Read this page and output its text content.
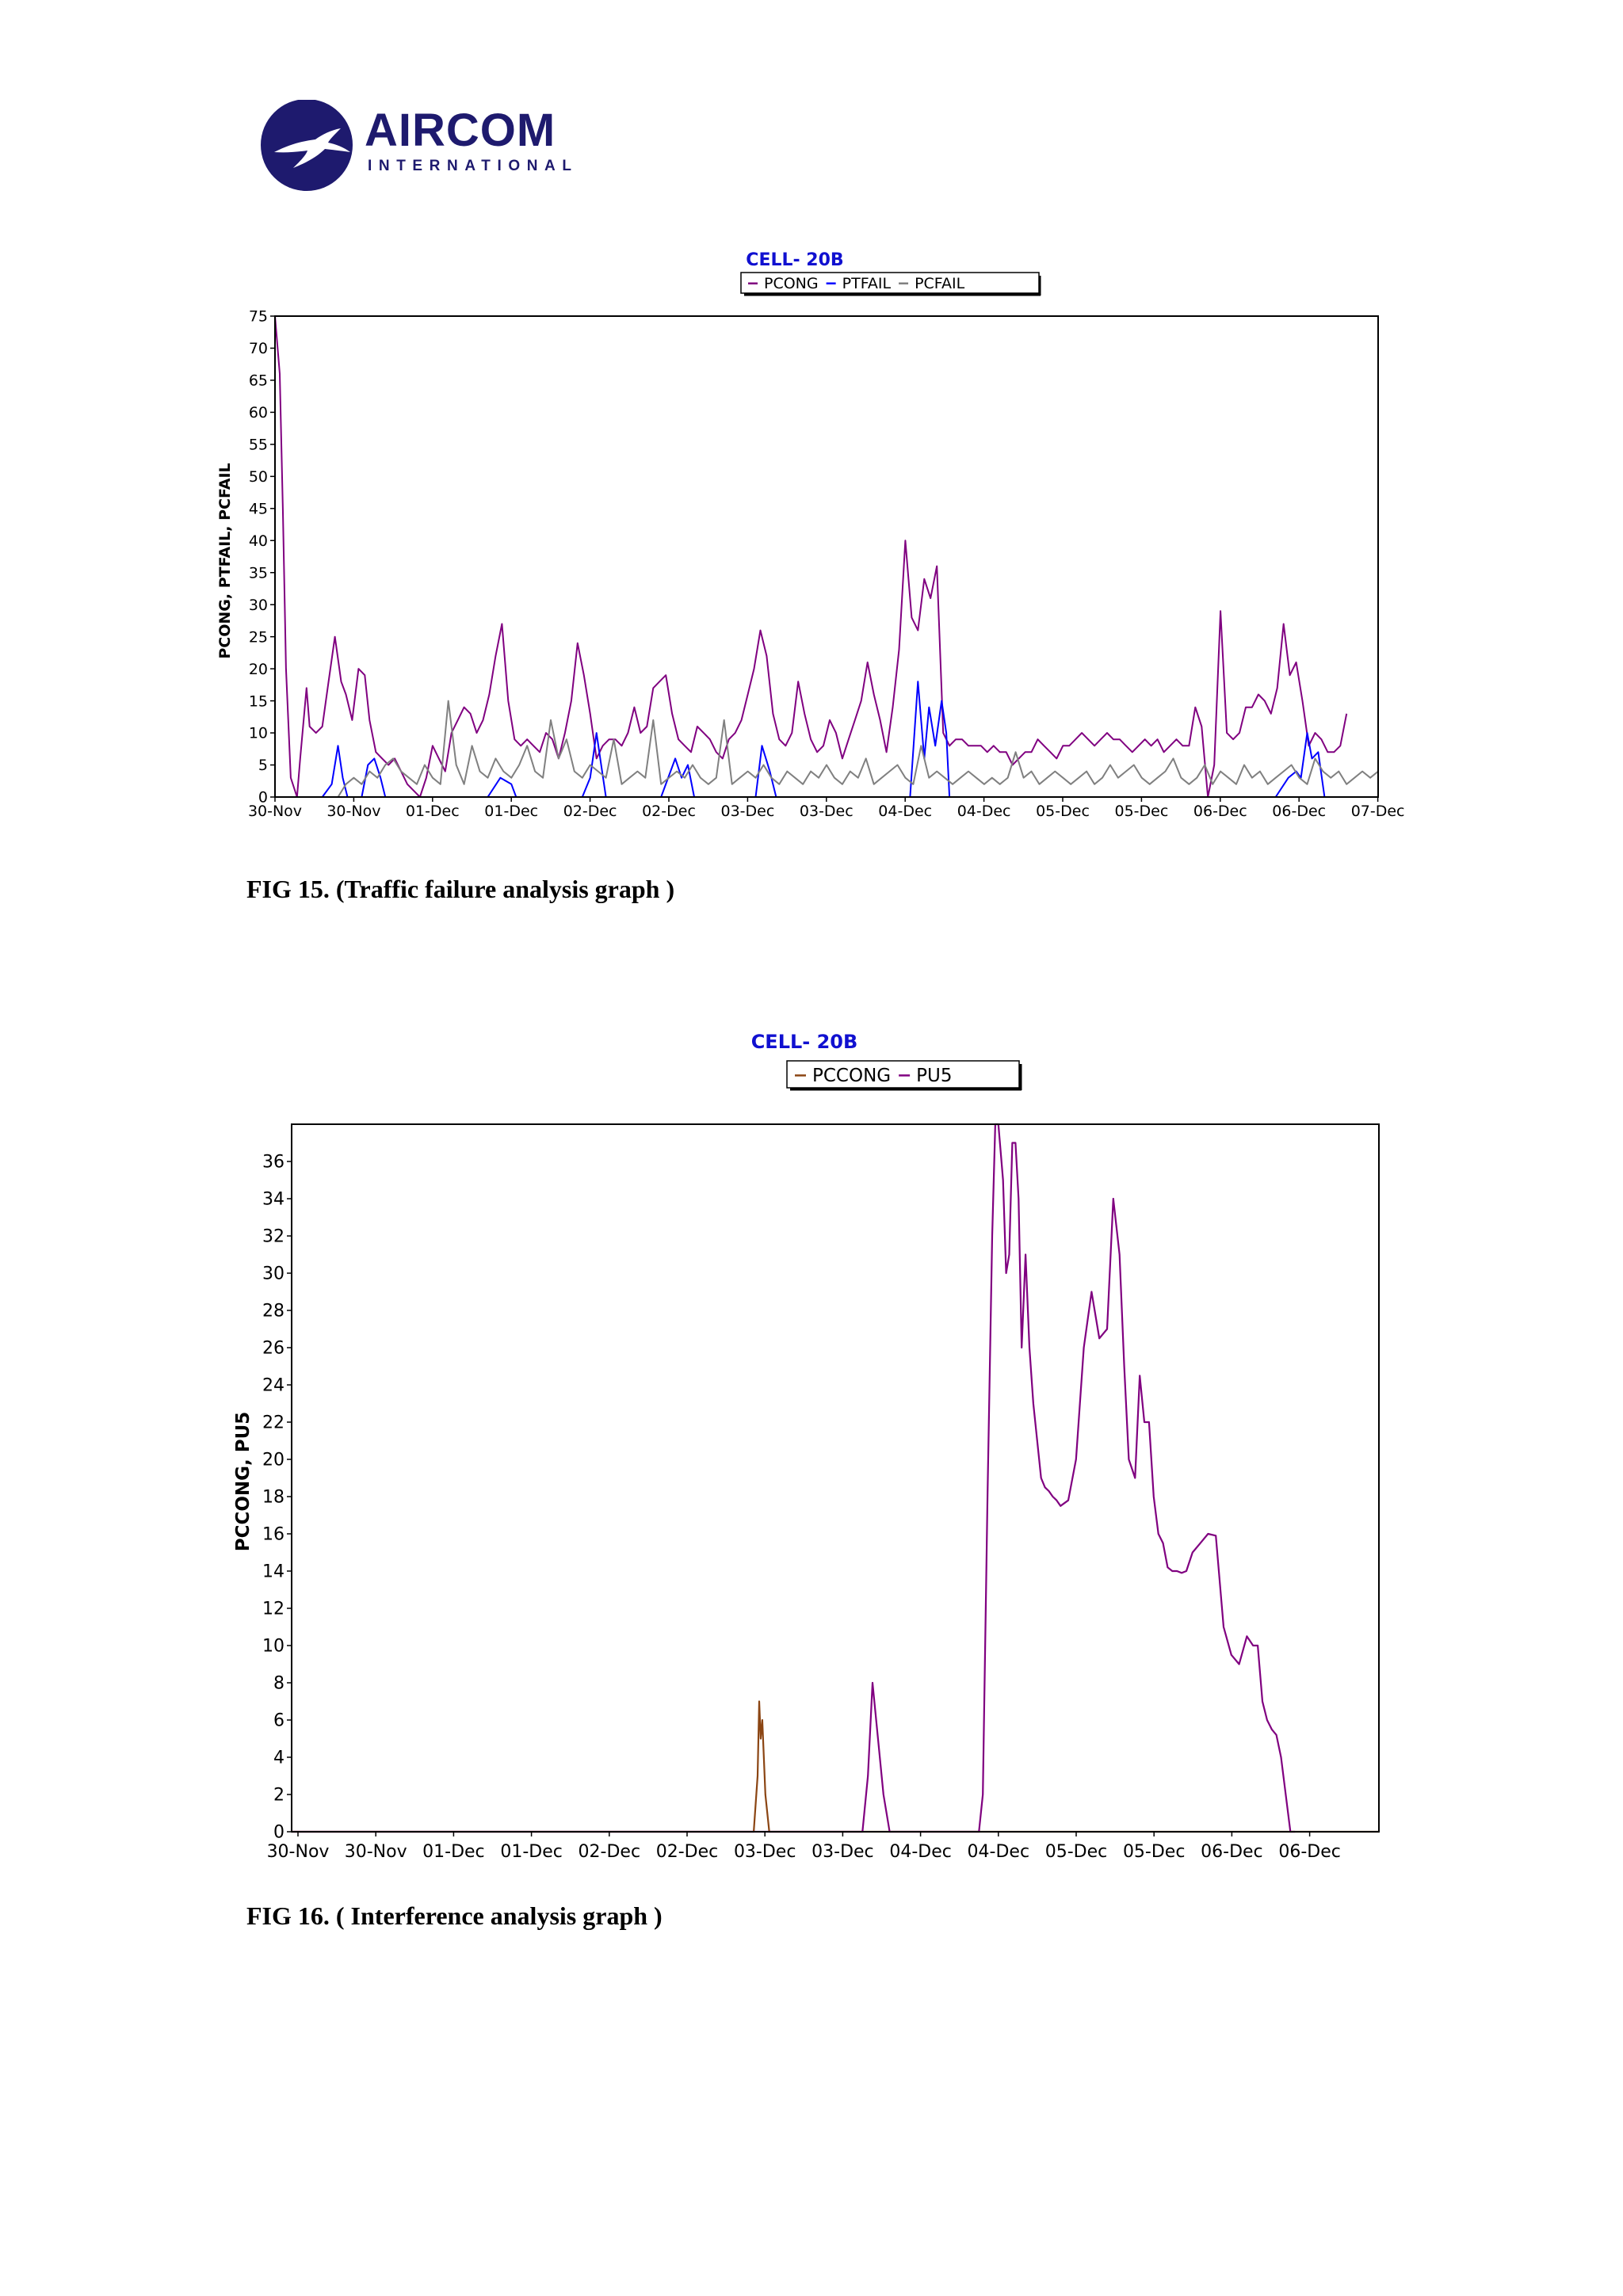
AIRCOM
INTERNATIONAL
CELL- 20B
PCONG PTFAIL PCFAIL
PCONG, PTFAIL, PCFAIL
0
5
10
15
20
25
30
35
40
45
50
55
60
65
70
75
30-Nov 30-Nov 01-Dec 01-Dec 02-Dec 02-Dec 03-Dec 03-Dec 04-Dec 04-Dec 05-Dec 05-Dec 06-Dec 06-Dec 07-Dec
FIG 15. (Traffic failure analysis graph )
CELL- 20B
PCCONG PU5
PCCONG, PU5
0
2
4
6
8
10
12
14
16
18
20
22
24
26
28
30
32
34
36
30-Nov 30-Nov 01-Dec 01-Dec 02-Dec 02-Dec 03-Dec 03-Dec 04-Dec 04-Dec 05-Dec 05-Dec 06-Dec 06-Dec
FIG 16. ( Interference analysis graph )
